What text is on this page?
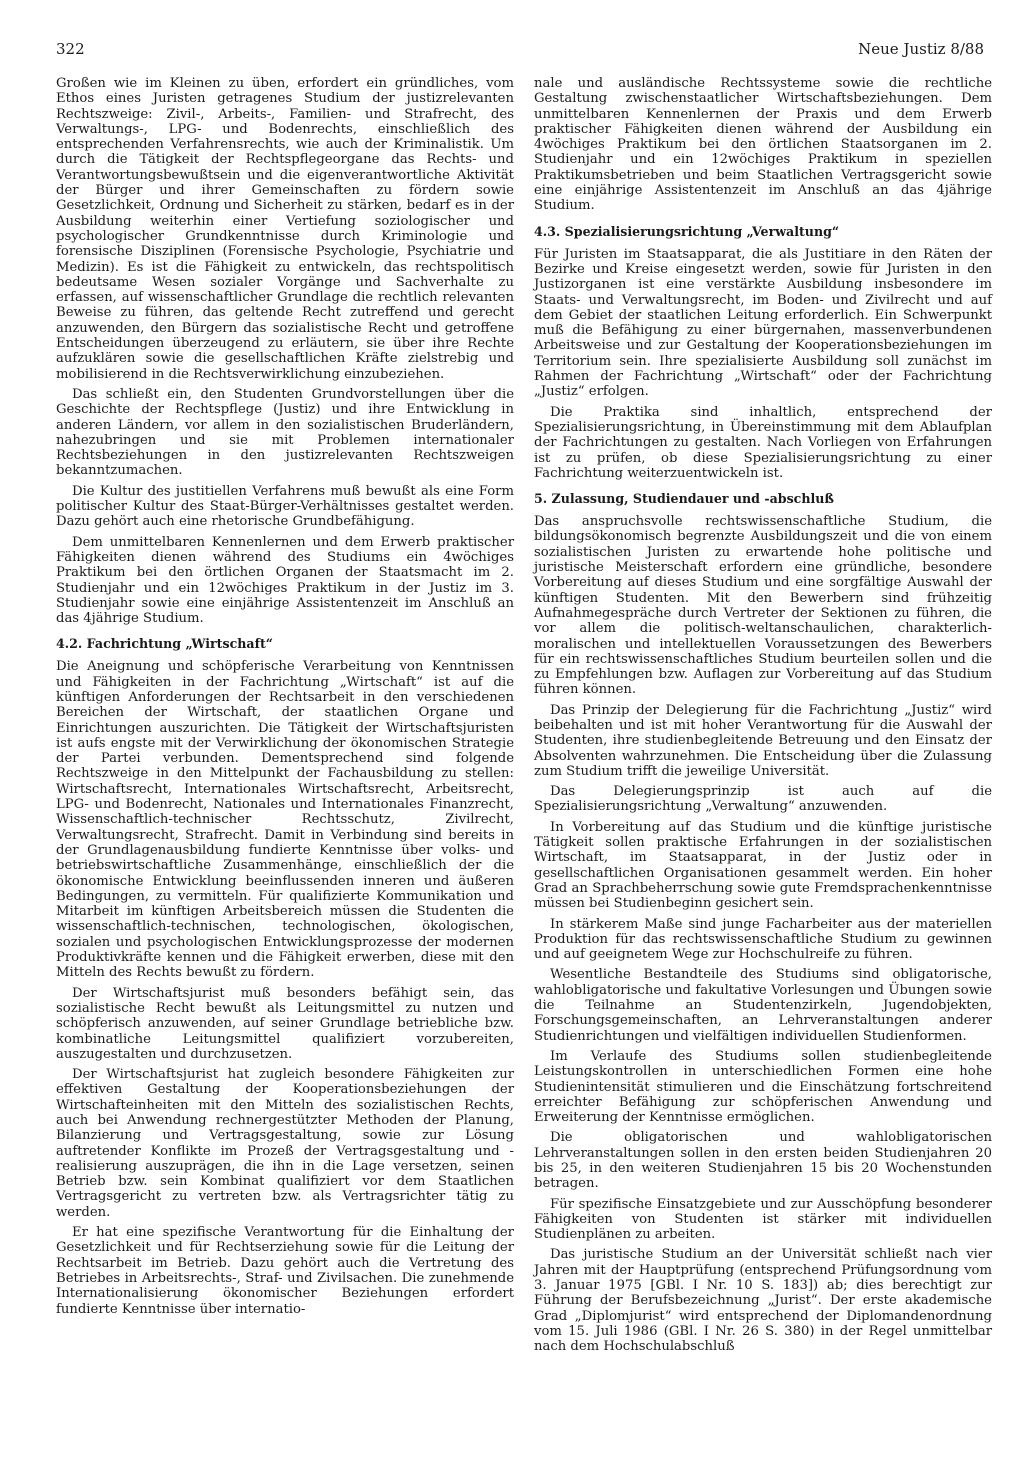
322	Neue Justiz 8/88

Großen wie im Kleinen zu üben, erfordert ein gründliches, vom Ethos eines Juristen getragenes Studium der justizrelevanten Rechtszweige: Zivil-, Arbeits-, Familien- und Strafrecht, des Verwaltungs-, LPG- und Bodenrechts, einschließlich des entsprechenden Verfahrensrechts, wie auch der Kriminalistik. Um durch die Tätigkeit der Rechtspflegeorgane das Rechts- und Verantwortungsbewußtsein und die eigenverantwortliche Aktivität der Bürger und ihrer Gemeinschaften zu fördern sowie Gesetzlichkeit, Ordnung und Sicherheit zu stärken, bedarf es in der Ausbildung weiterhin einer Vertiefung soziologischer und psychologischer Grundkenntnisse durch Kriminologie und forensische Disziplinen (Forensische Psychologie, Psychiatrie und Medizin). Es ist die Fähigkeit zu entwickeln, das rechtspolitisch bedeutsame Wesen sozialer Vorgänge und Sachverhalte zu erfassen, auf wissenschaftlicher Grundlage die rechtlich relevanten Beweise zu führen, das geltende Recht zutreffend und gerecht anzuwenden, den Bürgern das sozialistische Recht und getroffene Entscheidungen überzeugend zu erläutern, sie über ihre Rechte aufzuklären sowie die gesellschaftlichen Kräfte zielstrebig und mobilisierend in die Rechtsverwirklichung einzubeziehen.

Das schließt ein, den Studenten Grundvorstellungen über die Geschichte der Rechtspflege (Justiz) und ihre Entwicklung in anderen Ländern, vor allem in den sozialistischen Bruderländern, nahezubringen und sie mit Problemen internationaler Rechtsbeziehungen in den justizrelevanten Rechtszweigen bekanntzumachen.

Die Kultur des justitiellen Verfahrens muß bewußt als eine Form politischer Kultur des Staat-Bürger-Verhältnisses gestaltet werden. Dazu gehört auch eine rhetorische Grundbefähigung.

Dem unmittelbaren Kennenlernen und dem Erwerb praktischer Fähigkeiten dienen während des Studiums ein 4wöchiges Praktikum bei den örtlichen Organen der Staatsmacht im 2. Studienjahr und ein 12wöchiges Praktikum in der Justiz im 3. Studienjahr sowie eine einjährige Assistentenzeit im Anschluß an das 4jährige Studium.

4.2. Fachrichtung „Wirtschaft“

Die Aneignung und schöpferische Verarbeitung von Kenntnissen und Fähigkeiten in der Fachrichtung „Wirtschaft“ ist auf die künftigen Anforderungen der Rechtsarbeit in den verschiedenen Bereichen der Wirtschaft, der staatlichen Organe und Einrichtungen auszurichten. Die Tätigkeit der Wirtschaftsjuristen ist aufs engste mit der Verwirklichung der ökonomischen Strategie der Partei verbunden. Dementsprechend sind folgende Rechtszweige in den Mittelpunkt der Fachausbildung zu stellen: Wirtschaftsrecht, Internationales Wirtschaftsrecht, Arbeitsrecht, LPG- und Bodenrecht, Nationales und Internationales Finanzrecht, Wissenschaftlich-technischer Rechtsschutz, Zivilrecht, Verwaltungsrecht, Strafrecht. Damit in Verbindung sind bereits in der Grundlagenausbildung fundierte Kenntnisse über volks- und betriebswirtschaftliche Zusammenhänge, einschließlich der die ökonomische Entwicklung beeinflussenden inneren und äußeren Bedingungen, zu vermitteln. Für qualifizierte Kommunikation und Mitarbeit im künftigen Arbeitsbereich müssen die Studenten die wissenschaftlich-technischen, technologischen, ökologischen, sozialen und psychologischen Entwicklungsprozesse der modernen Produktivkräfte kennen und die Fähigkeit erwerben, diese mit den Mitteln des Rechts bewußt zu fördern.

Der Wirtschaftsjurist muß besonders befähigt sein, das sozialistische Recht bewußt als Leitungsmittel zu nutzen und schöpferisch anzuwenden, auf seiner Grundlage betriebliche bzw. kombinatliche Leitungsmittel qualifiziert vorzubereiten, auszugestalten und durchzusetzen.

Der Wirtschaftsjurist hat zugleich besondere Fähigkeiten zur effektiven Gestaltung der Kooperationsbeziehungen der Wirtschafteinheiten mit den Mitteln des sozialistischen Rechts, auch bei Anwendung rechnergestützter Methoden der Planung, Bilanzierung und Vertragsgestaltung, sowie zur Lösung auftretender Konflikte im Prozeß der Vertragsgestaltung und -realisierung auszuprägen, die ihn in die Lage versetzen, seinen Betrieb bzw. sein Kombinat qualifiziert vor dem Staatlichen Vertragsgericht zu vertreten bzw. als Vertragsrichter tätig zu werden.

Er hat eine spezifische Verantwortung für die Einhaltung der Gesetzlichkeit und für Rechtserziehung sowie für die Leitung der Rechtsarbeit im Betrieb. Dazu gehört auch die Vertretung des Betriebes in Arbeitsrechts-, Straf- und Zivilsachen. Die zunehmende Internationalisierung ökonomischer Beziehungen erfordert fundierte Kenntnisse über internatio-

nale und ausländische Rechtssysteme sowie die rechtliche Gestaltung zwischenstaatlicher Wirtschaftsbeziehungen. Dem unmittelbaren Kennenlernen der Praxis und dem Erwerb praktischer Fähigkeiten dienen während der Ausbildung ein 4wöchiges Praktikum bei den örtlichen Staatsorganen im 2. Studienjahr und ein 12wöchiges Praktikum in speziellen Praktikumsbetrieben und beim Staatlichen Vertragsgericht sowie eine einjährige Assistentenzeit im Anschluß an das 4jährige Studium.

4.3. Spezialisierungsrichtung „Verwaltung“

Für Juristen im Staatsapparat, die als Justitiare in den Räten der Bezirke und Kreise eingesetzt werden, sowie für Juristen in den Justizorganen ist eine verstärkte Ausbildung insbesondere im Staats- und Verwaltungsrecht, im Boden- und Zivilrecht und auf dem Gebiet der staatlichen Leitung erforderlich. Ein Schwerpunkt muß die Befähigung zu einer bürgernahen, massenverbundenen Arbeitsweise und zur Gestaltung der Kooperationsbeziehungen im Territorium sein. Ihre spezialisierte Ausbildung soll zunächst im Rahmen der Fachrichtung „Wirtschaft“ oder der Fachrichtung „Justiz“ erfolgen.

Die Praktika sind inhaltlich, entsprechend der Spezialisierungsrichtung, in Übereinstimmung mit dem Ablaufplan der Fachrichtungen zu gestalten. Nach Vorliegen von Erfahrungen ist zu prüfen, ob diese Spezialisierungsrichtung zu einer Fachrichtung weiterzuentwickeln ist.

5. Zulassung, Studiendauer und -abschluß

Das anspruchsvolle rechtswissenschaftliche Studium, die bildungsökonomisch begrenzte Ausbildungszeit und die von einem sozialistischen Juristen zu erwartende hohe politische und juristische Meisterschaft erfordern eine gründliche, besondere Vorbereitung auf dieses Studium und eine sorgfältige Auswahl der künftigen Studenten. Mit den Bewerbern sind frühzeitig Aufnahmegespräche durch Vertreter der Sektionen zu führen, die vor allem die politisch-weltanschaulichen, charakterlich-moralischen und intellektuellen Voraussetzungen des Bewerbers für ein rechtswissenschaftliches Studium beurteilen sollen und die zu Empfehlungen bzw. Auflagen zur Vorbereitung auf das Studium führen können.

Das Prinzip der Delegierung für die Fachrichtung „Justiz“ wird beibehalten und ist mit hoher Verantwortung für die Auswahl der Studenten, ihre studienbegleitende Betreuung und den Einsatz der Absolventen wahrzunehmen. Die Entscheidung über die Zulassung zum Studium trifft die jeweilige Universität.

Das Delegierungsprinzip ist auch auf die Spezialisierungsrichtung „Verwaltung“ anzuwenden.

In Vorbereitung auf das Studium und die künftige juristische Tätigkeit sollen praktische Erfahrungen in der sozialistischen Wirtschaft, im Staatsapparat, in der Justiz oder in gesellschaftlichen Organisationen gesammelt werden. Ein hoher Grad an Sprachbeherrschung sowie gute Fremdsprachenkenntnisse müssen bei Studienbeginn gesichert sein.

In stärkerem Maße sind junge Facharbeiter aus der materiellen Produktion für das rechtswissenschaftliche Studium zu gewinnen und auf geeignetem Wege zur Hochschulreife zu führen.

Wesentliche Bestandteile des Studiums sind obligatorische, wahlobligatorische und fakultative Vorlesungen und Übungen sowie die Teilnahme an Studentenzirkeln, Jugendobjekten, Forschungsgemeinschaften, an Lehrveranstaltungen anderer Studienrichtungen und vielfältigen individuellen Studienformen.

Im Verlaufe des Studiums sollen studienbegleitende Leistungskontrollen in unterschiedlichen Formen eine hohe Studienintensität stimulieren und die Einschätzung fortschreitend erreichter Befähigung zur schöpferischen Anwendung und Erweiterung der Kenntnisse ermöglichen.

Die obligatorischen und wahlobligatorischen Lehrveranstaltungen sollen in den ersten beiden Studienjahren 20 bis 25, in den weiteren Studienjahren 15 bis 20 Wochenstunden betragen.

Für spezifische Einsatzgebiete und zur Ausschöpfung besonderer Fähigkeiten von Studenten ist stärker mit individuellen Studienplänen zu arbeiten.

Das juristische Studium an der Universität schließt nach vier Jahren mit der Hauptprüfung (entsprechend Prüfungsordnung vom 3. Januar 1975 [GBl. I Nr. 10 S. 183]) ab; dies berechtigt zur Führung der Berufsbezeichnung „Jurist“. Der erste akademische Grad „Diplomjurist“ wird entsprechend der Diplomandenordnung vom 15. Juli 1986 (GBl. I Nr. 26 S. 380) in der Regel unmittelbar nach dem Hochschulabschluß
